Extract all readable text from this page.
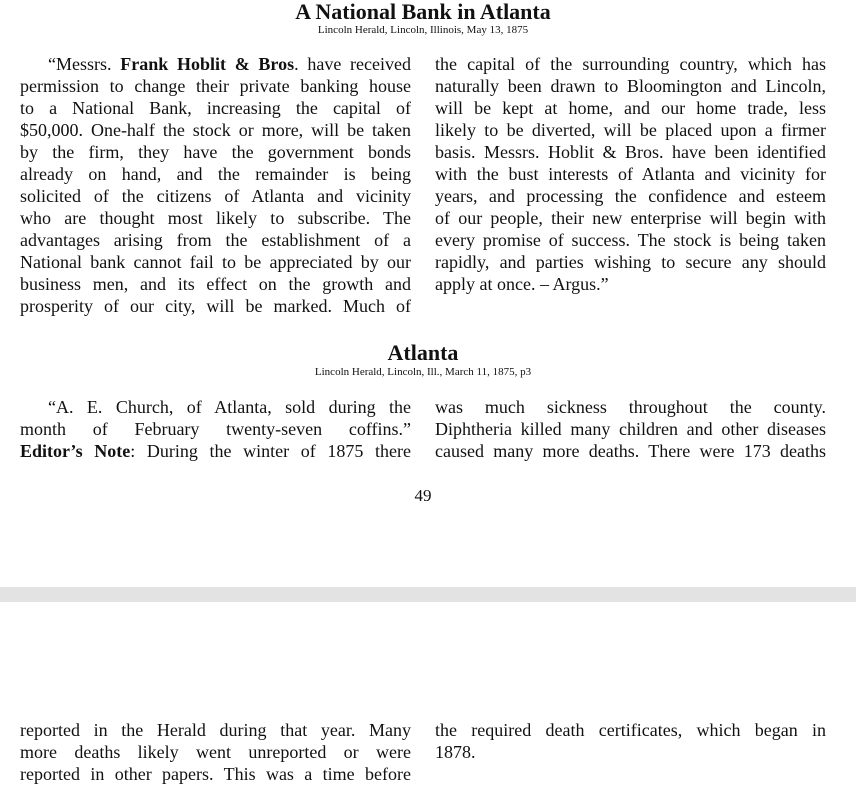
A National Bank in Atlanta
Lincoln Herald, Lincoln, Illinois, May 13, 1875
“Messrs. Frank Hoblit & Bros. have received
permission to change their private banking house
to a National Bank, increasing the capital of
$50,000. One-half the stock or more, will be taken
by the firm, they have the government bonds
already on hand, and the remainder is being
solicited of the citizens of Atlanta and vicinity
who are thought most likely to subscribe. The
advantages arising from the establishment of a
National bank cannot fail to be appreciated by our
business men, and its effect on the growth and
prosperity of our city, will be marked. Much of
the capital of the surrounding country, which has
naturally been drawn to Bloomington and Lincoln,
will be kept at home, and our home trade, less
likely to be diverted, will be placed upon a firmer
basis. Messrs. Hoblit & Bros. have been identified
with the bust interests of Atlanta and vicinity for
years, and processing the confidence and esteem
of our people, their new enterprise will begin with
every promise of success. The stock is being taken
rapidly, and parties wishing to secure any should
apply at once. – Argus.”
Atlanta
Lincoln Herald, Lincoln, Ill., March 11, 1875, p3
“A. E. Church, of Atlanta, sold during the
month of February twenty-seven coffins.”
Editor’s Note: During the winter of 1875 there
was much sickness throughout the county.
Diphtheria killed many children and other diseases
caused many more deaths. There were 173 deaths
49
reported in the Herald during that year. Many
more deaths likely went unreported or were
reported in other papers. This was a time before
the required death certificates, which began in
1878.
